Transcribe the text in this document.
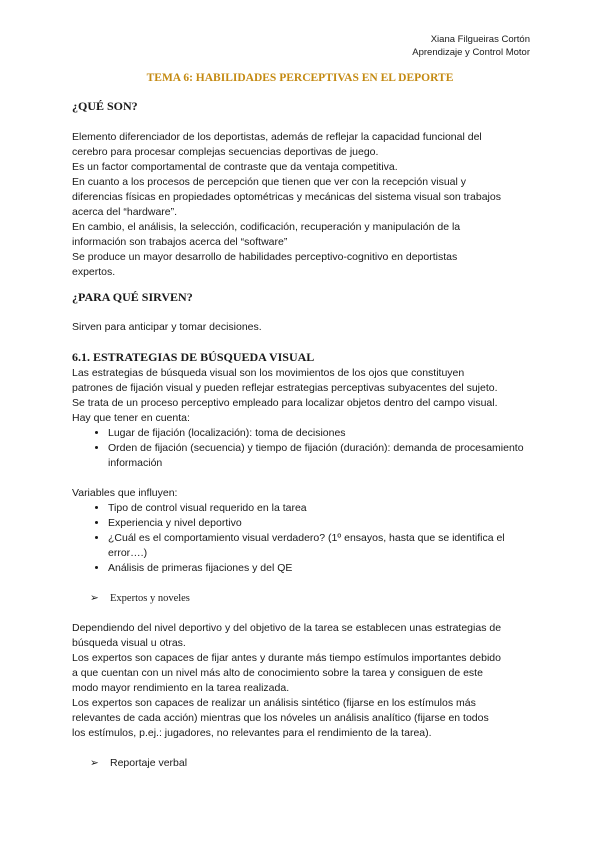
Xiana Filgueiras Cortón
Aprendizaje y Control Motor
TEMA 6: HABILIDADES PERCEPTIVAS EN EL DEPORTE
¿QUÉ SON?

Elemento diferenciador de los deportistas, además de reflejar la capacidad funcional del

cerebro para procesar complejas secuencias deportivas de juego.

Es un factor comportamental de contraste que da ventaja competitiva.

En cuanto a los procesos de percepción que tienen que ver con la recepción visual y

diferencias físicas en propiedades optométricas y mecánicas del sistema visual son trabajos

acerca del “hardware”.

En cambio, el análisis, la selección, codificación, recuperación y manipulación de la

información son trabajos acerca del “software”

Se produce un mayor desarrollo de habilidades perceptivo-cognitivo en deportistas

expertos.

¿PARA QUÉ SIRVEN?
Sirven para anticipar y tomar decisiones.
6.1. ESTRATEGIAS DE BÚSQUEDA VISUAL

Las estrategias de búsqueda visual son los movimientos de los ojos que constituyen

patrones de fijación visual y pueden reflejar estrategias perceptivas subyacentes del sujeto.

Se trata de un proceso perceptivo empleado para localizar objetos dentro del campo visual.

Hay que tener en cuenta:

• Lugar de fijación (localización): toma de decisiones
• Orden de fijación (secuencia) y tiempo de fijación (duración): demanda de procesamiento información

Variables que influyen:

• Tipo de control visual requerido en la tarea
• Experiencia y nivel deportivo
• ¿Cuál es el comportamiento visual verdadero? (1º ensayos, hasta que se identifica el error….)
• Análisis de primeras fijaciones y del QE
➢	Expertos y noveles

Dependiendo del nivel deportivo y del objetivo de la tarea se establecen unas estrategias de

búsqueda visual u otras.

Los expertos son capaces de fijar antes y durante más tiempo estímulos importantes debido

a que cuentan con un nivel más alto de conocimiento sobre la tarea y consiguen de este

modo mayor rendimiento en la tarea realizada.

Los expertos son capaces de realizar un análisis sintético (fijarse en los estímulos más

relevantes de cada acción) mientras que los nóveles un análisis analítico (fijarse en todos

los estímulos, p.ej.: jugadores, no relevantes para el rendimiento de la tarea).

➢	Reportaje verbal
